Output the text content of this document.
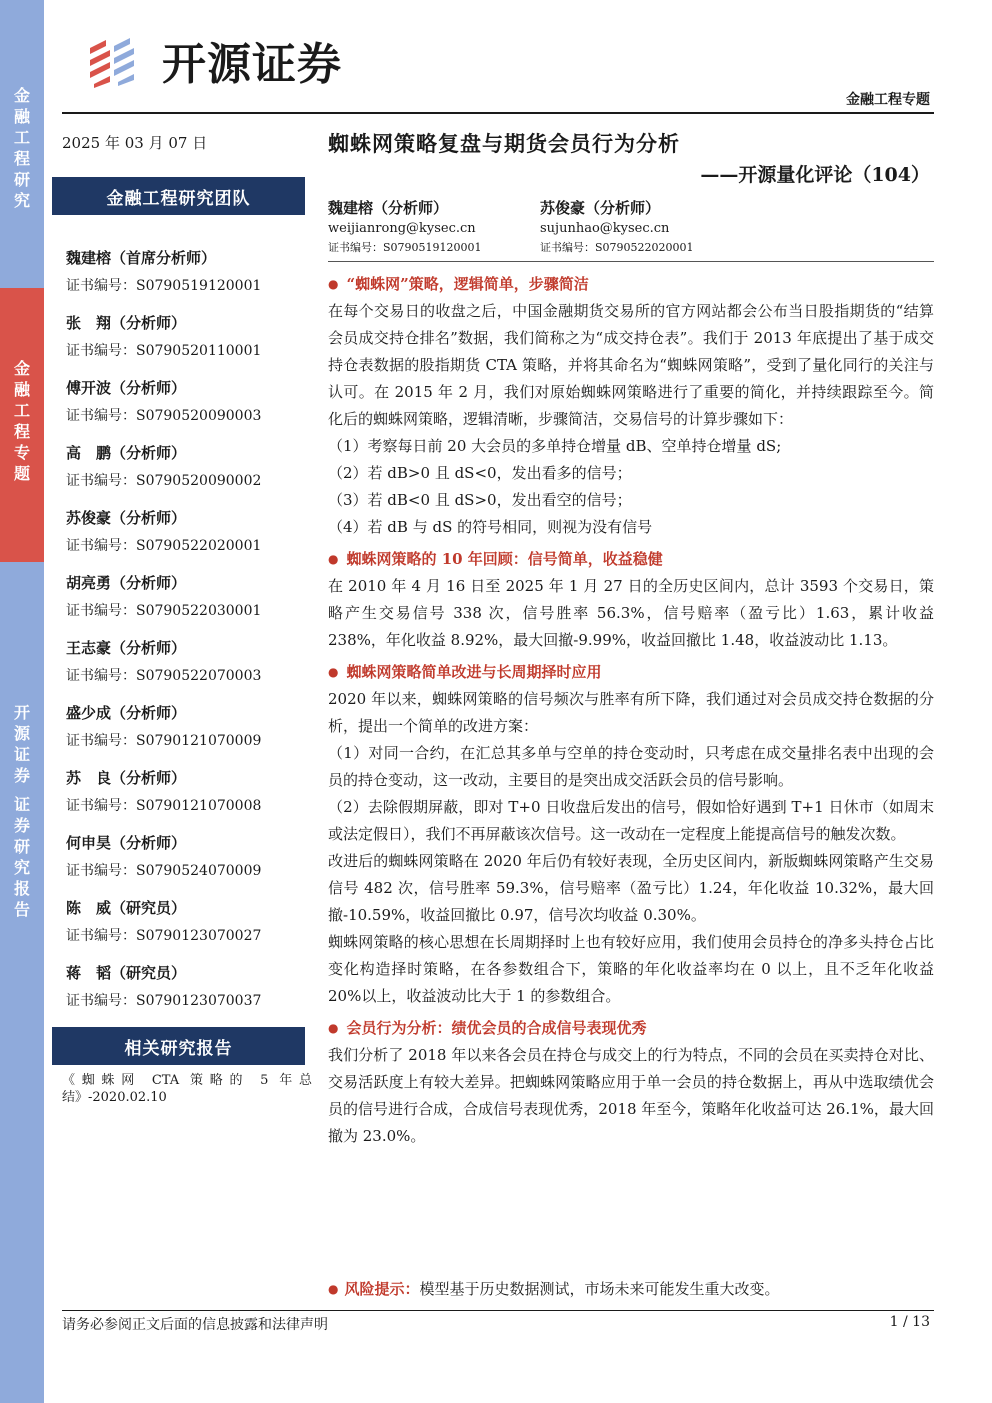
金
融
工
程
研
究
金
融
工
程
专
题
开
源
证
券

证
券
研
究
报
告
开源证券
金融工程专题
2025 年 03 月 07 日
金融工程研究团队
魏建榕（首席分析师）
证书编号：S0790519120001
张　翔（分析师）
证书编号：S0790520110001
傅开波（分析师）
证书编号：S0790520090003
高　鹏（分析师）
证书编号：S0790520090002
苏俊豪（分析师）
证书编号：S0790522020001
胡亮勇（分析师）
证书编号：S0790522030001
王志豪（分析师）
证书编号：S0790522070003
盛少成（分析师）
证书编号：S0790121070009
苏　良（分析师）
证书编号：S0790121070008
何申昊（分析师）
证书编号：S0790524070009
陈　威（研究员）
证书编号：S0790123070027
蒋　韬（研究员）
证书编号：S0790123070037
相关研究报告
《蜘蛛网 CTA 策略的 5 年总结》-2020.02.10
蜘蛛网策略复盘与期货会员行为分析
——开源量化评论（104）
魏建榕（分析师）
weijianrong@kysec.cn
证书编号：S0790519120001
苏俊豪（分析师）
sujunhao@kysec.cn
证书编号：S0790522020001
● “蜘蛛网”策略，逻辑简单，步骤简洁

在每个交易日的收盘之后，中国金融期货交易所的官方网站都会公布当日股指期货的“结算会员成交持仓排名”数据，我们简称之为“成交持仓表”。我们于 2013 年底提出了基于成交持仓表数据的股指期货 CTA 策略，并将其命名为“蜘蛛网策略”，受到了量化同行的关注与认可。在 2015 年 2 月，我们对原始蜘蛛网策略进行了重要的简化，并持续跟踪至今。简化后的蜘蛛网策略，逻辑清晰，步骤简洁，交易信号的计算步骤如下：

（1）考察每日前 20 大会员的多单持仓增量 dB、空单持仓增量 dS;

（2）若 dB>0 且 dS<0，发出看多的信号；

（3）若 dB<0 且 dS>0，发出看空的信号；

（4）若 dB 与 dS 的符号相同，则视为没有信号

● 蜘蛛网策略的 10 年回顾：信号简单，收益稳健

在 2010 年 4 月 16 日至 2025 年 1 月 27 日的全历史区间内，总计 3593 个交易日，策略产生交易信号 338 次，信号胜率 56.3%，信号赔率（盈亏比）1.63，累计收益 238%，年化收益 8.92%，最大回撤-9.99%，收益回撤比 1.48，收益波动比 1.13。

● 蜘蛛网策略简单改进与长周期择时应用

2020 年以来，蜘蛛网策略的信号频次与胜率有所下降，我们通过对会员成交持仓数据的分析，提出一个简单的改进方案：

（1）对同一合约，在汇总其多单与空单的持仓变动时，只考虑在成交量排名表中出现的会员的持仓变动，这一改动，主要目的是突出成交活跃会员的信号影响。

（2）去除假期屏蔽，即对 T+0 日收盘后发出的信号，假如恰好遇到 T+1 日休市（如周末或法定假日），我们不再屏蔽该次信号。这一改动在一定程度上能提高信号的触发次数。

改进后的蜘蛛网策略在 2020 年后仍有较好表现，全历史区间内，新版蜘蛛网策略产生交易信号 482 次，信号胜率 59.3%，信号赔率（盈亏比）1.24，年化收益 10.32%，最大回撤-10.59%，收益回撤比 0.97，信号次均收益 0.30%。

蜘蛛网策略的核心思想在长周期择时上也有较好应用，我们使用会员持仓的净多头持仓占比变化构造择时策略，在各参数组合下，策略的年化收益率均在 0 以上，且不乏年化收益 20%以上，收益波动比大于 1 的参数组合。

● 会员行为分析：绩优会员的合成信号表现优秀

我们分析了 2018 年以来各会员在持仓与成交上的行为特点，不同的会员在买卖持仓对比、交易活跃度上有较大差异。把蜘蛛网策略应用于单一会员的持仓数据上，再从中选取绩优会员的信号进行合成，合成信号表现优秀，2018 年至今，策略年化收益可达 26.1%，最大回撤为 23.0%。

● 风险提示：模型基于历史数据测试，市场未来可能发生重大改变。
请务必参阅正文后面的信息披露和法律声明	1 / 13
